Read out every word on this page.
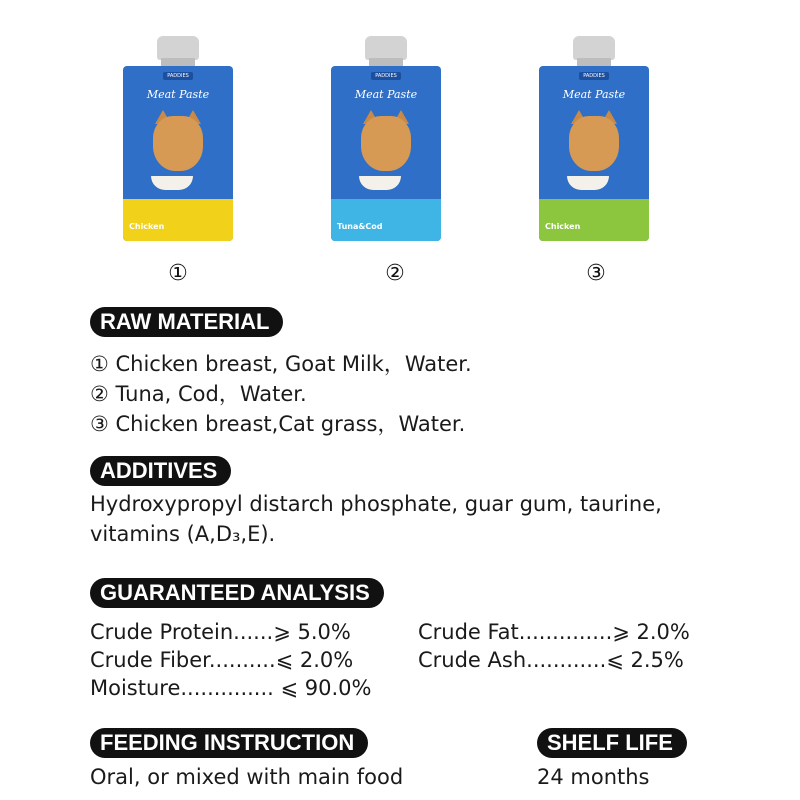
PADDIES
Meat Paste
Chicken
①
PADDIES
Meat Paste
Tuna&Cod
②
PADDIES
Meat Paste
Chicken
③
RAW MATERIAL
① Chicken breast, Goat Milk，Water.
② Tuna, Cod，Water.
③ Chicken breast,Cat grass，Water.
ADDITIVES
Hydroxypropyl distarch phosphate, guar gum, taurine,
vitamins (A,D₃,E).
GUARANTEED ANALYSIS
Crude Protein......⩾ 5.0%	Crude Fat..............⩾ 2.0%
Crude Fiber..........⩽ 2.0%	Crude Ash............⩽ 2.5%
Moisture.............. ⩽ 90.0%
FEEDING INSTRUCTION
Oral, or mixed with main food
SHELF LIFE
24 months
